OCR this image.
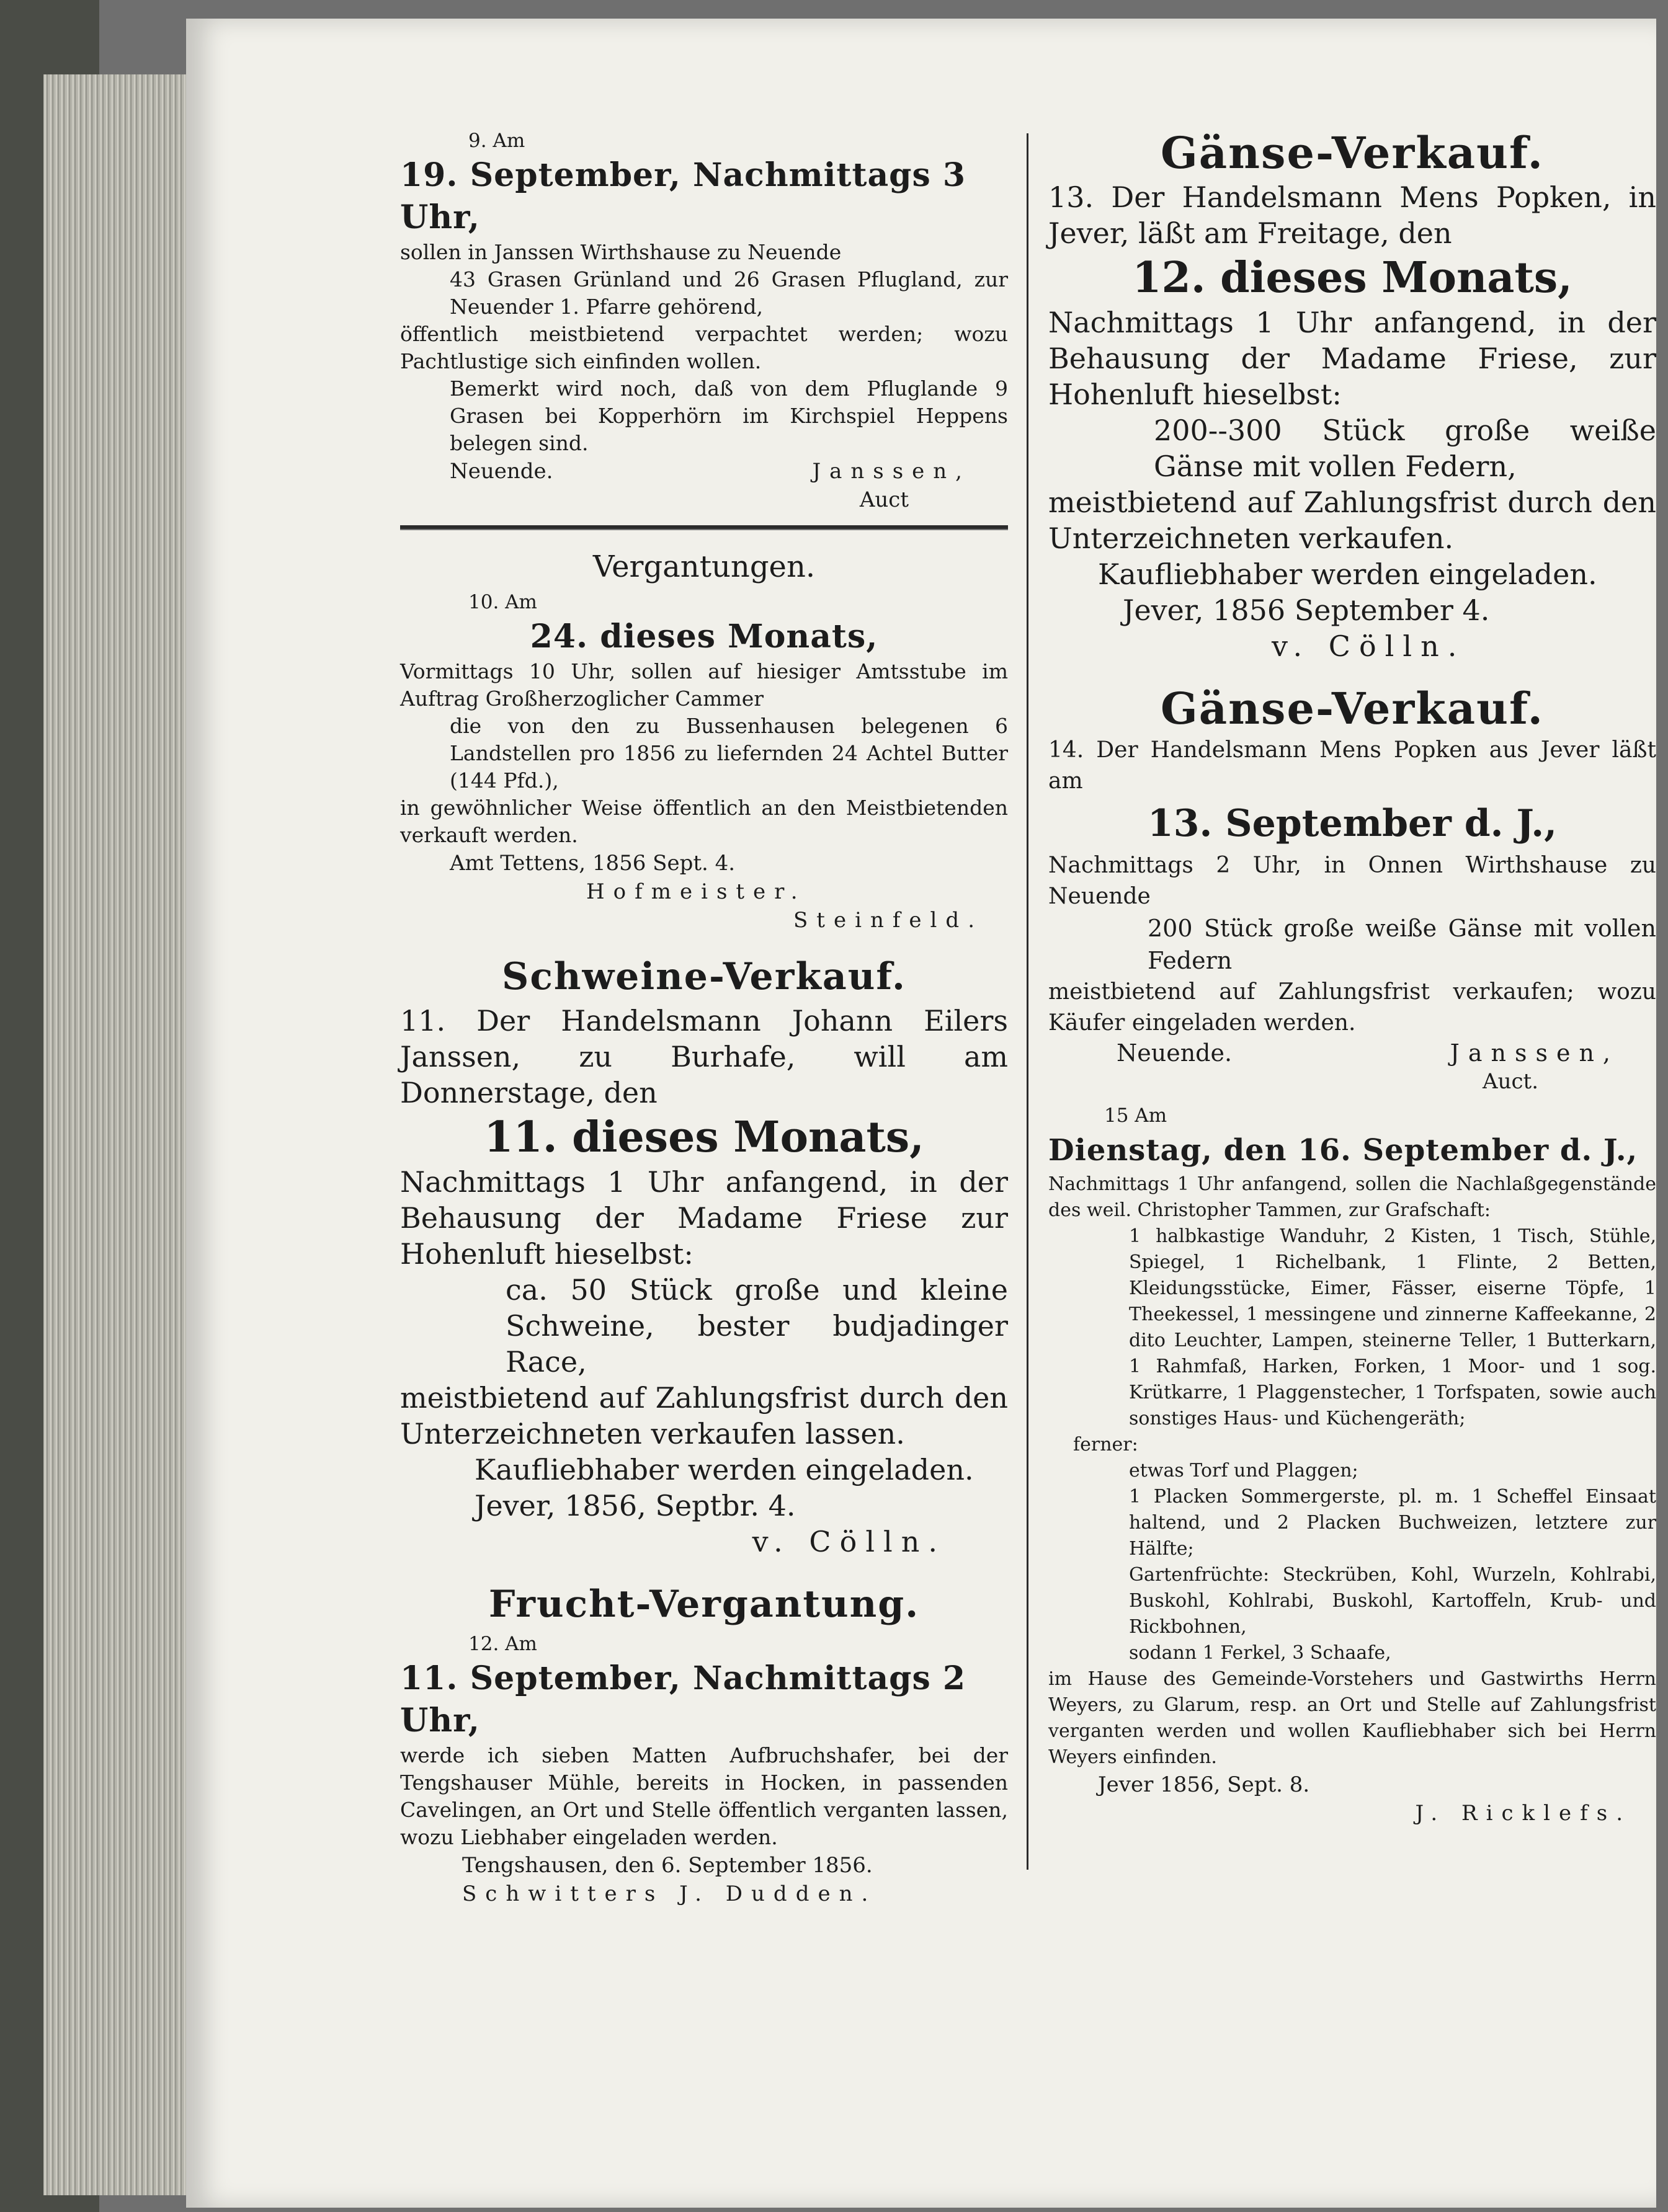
9. Am

19. September, Nachmittags 3 Uhr,

sollen in Janssen Wirthshause zu Neuende

43 Grasen Grünland und 26 Grasen Pflugland, zur Neuender 1. Pfarre gehörend,

öffentlich meistbietend verpachtet werden; wozu Pachtlustige sich einfinden wollen.

Bemerkt wird noch, daß von dem Pfluglande 9 Grasen bei Kopperhörn im Kirchspiel Heppens belegen sind.

Neuende.	Janssen,

Auct

Vergantungen.

10. Am

24. dieses Monats,

Vormittags 10 Uhr, sollen auf hiesiger Amtsstube im Auftrag Großherzoglicher Cammer

die von den zu Bussenhausen belegenen 6 Landstellen pro 1856 zu liefernden 24 Achtel Butter (144 Pfd.),

in gewöhnlicher Weise öffentlich an den Meistbietenden verkauft werden.

Amt Tettens, 1856 Sept. 4.

Hofmeister.

Steinfeld.

Schweine-Verkauf.

11. Der Handelsmann Johann Eilers Janssen, zu Burhafe, will am Donnerstage, den

11. dieses Monats,

Nachmittags 1 Uhr anfangend, in der Behausung der Madame Friese zur Hohenluft hieselbst:

ca. 50 Stück große und kleine Schweine, bester budjadinger Race,

meistbietend auf Zahlungsfrist durch den Unterzeichneten verkaufen lassen.

Kaufliebhaber werden eingeladen.

Jever, 1856, Septbr. 4.

v. Cölln.

Frucht-Vergantung.

12. Am

11. September, Nachmittags 2 Uhr,

werde ich sieben Matten Aufbruchshafer, bei der Tengshauser Mühle, bereits in Hocken, in passenden Cavelingen, an Ort und Stelle öffentlich verganten lassen, wozu Liebhaber eingeladen werden.

Tengshausen, den 6. September 1856.

Schwitters J. Dudden.

Gänse-Verkauf.

13. Der Handelsmann Mens Popken, in Jever, läßt am Freitage, den

12. dieses Monats,

Nachmittags 1 Uhr anfangend, in der Behausung der Madame Friese, zur Hohenluft hieselbst:

200--300 Stück große weiße Gänse mit vollen Federn,

meistbietend auf Zahlungsfrist durch den Unterzeichneten verkaufen.

Kaufliebhaber werden eingeladen.

Jever, 1856 September 4.

v. Cölln.

Gänse-Verkauf.

14. Der Handelsmann Mens Popken aus Jever läßt am

13. September d. J.,

Nachmittags 2 Uhr, in Onnen Wirthshause zu Neuende

200 Stück große weiße Gänse mit vollen Federn

meistbietend auf Zahlungsfrist verkaufen; wozu Käufer eingeladen werden.

Neuende.	Janssen,

Auct.

15 Am

Dienstag, den 16. September d. J.,

Nachmittags 1 Uhr anfangend, sollen die Nachlaßgegenstände des weil. Christopher Tammen, zur Grafschaft:

1 halbkastige Wanduhr, 2 Kisten, 1 Tisch, Stühle, Spiegel, 1 Richelbank, 1 Flinte, 2 Betten, Kleidungsstücke, Eimer, Fässer, eiserne Töpfe, 1 Theekessel, 1 messingene und zinnerne Kaffeekanne, 2 dito Leuchter, Lampen, steinerne Teller, 1 Butterkarn, 1 Rahmfaß, Harken, Forken, 1 Moor- und 1 sog. Krütkarre, 1 Plaggenstecher, 1 Torfspaten, sowie auch sonstiges Haus- und Küchengeräth;

ferner:

etwas Torf und Plaggen;

1 Placken Sommergerste, pl. m. 1 Scheffel Einsaat haltend, und 2 Placken Buchweizen, letztere zur Hälfte;

Gartenfrüchte: Steckrüben, Kohl, Wurzeln, Kohlrabi, Buskohl, Kohlrabi, Buskohl, Kartoffeln, Krub- und Rickbohnen,

sodann 1 Ferkel, 3 Schaafe,

im Hause des Gemeinde-Vorstehers und Gastwirths Herrn Weyers, zu Glarum, resp. an Ort und Stelle auf Zahlungsfrist verganten werden und wollen Kaufliebhaber sich bei Herrn Weyers einfinden.

Jever 1856, Sept. 8.

J. Ricklefs.
